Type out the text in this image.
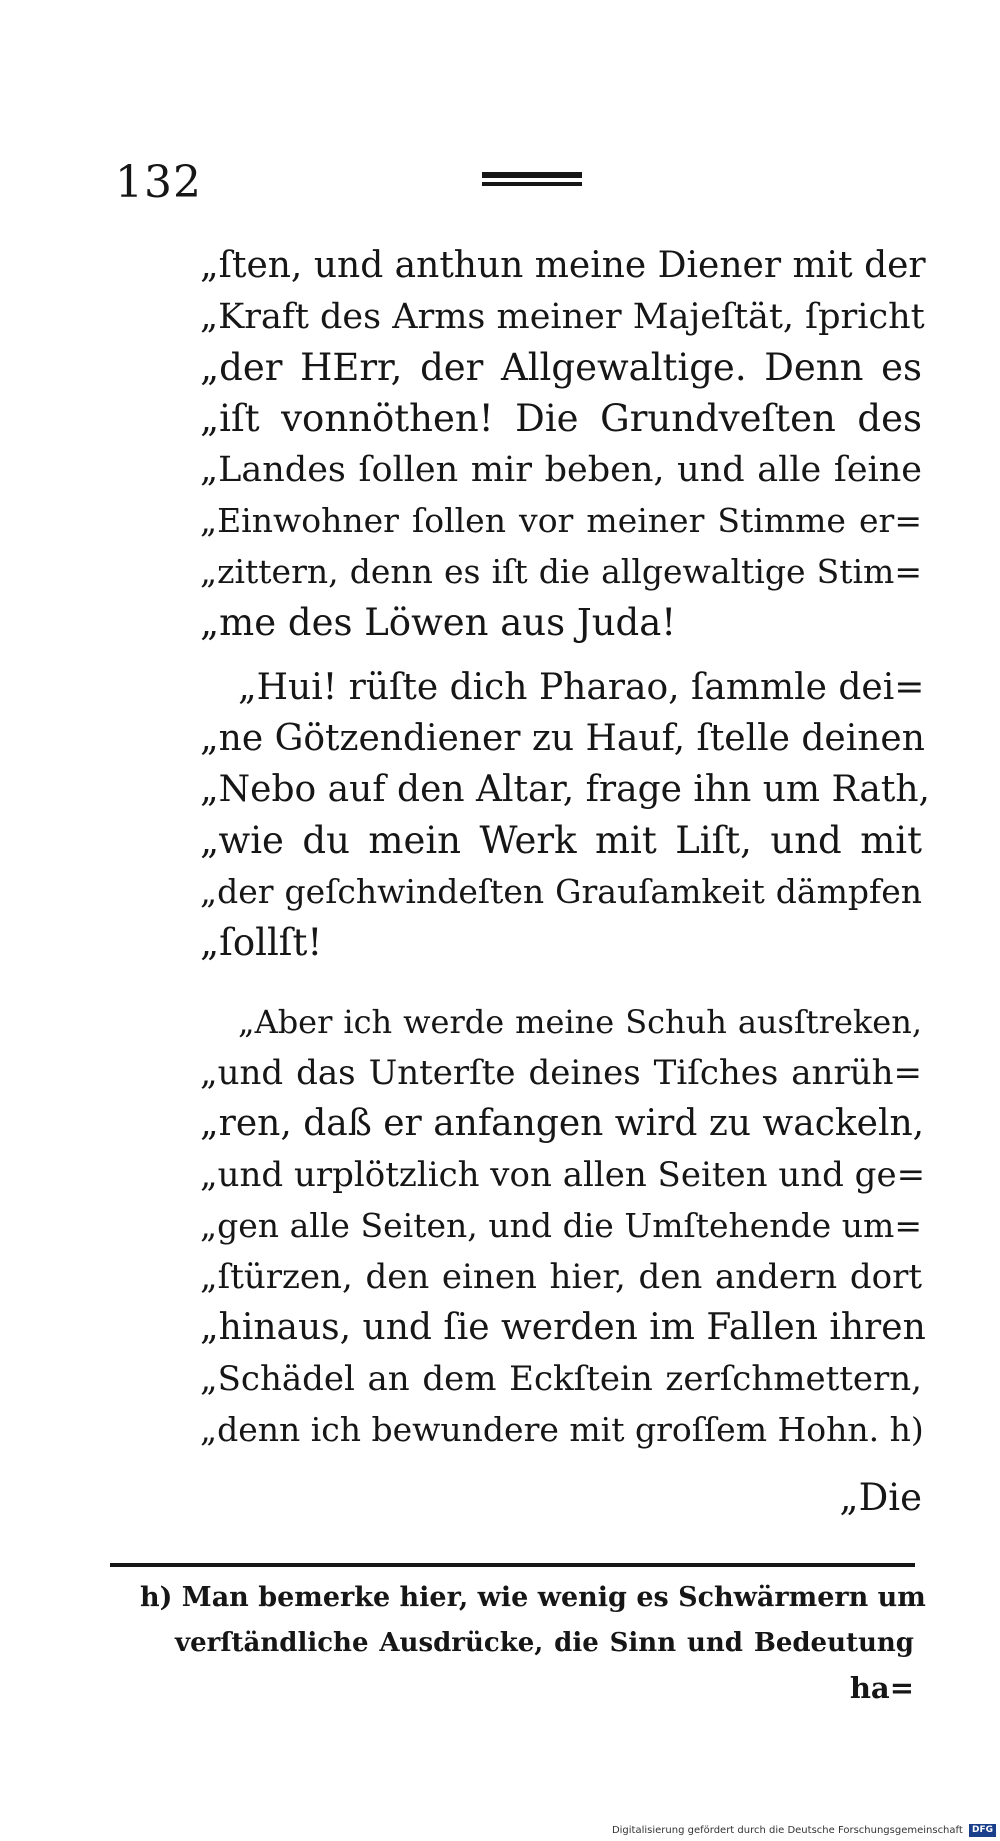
132
„ſten, und anthun meine Diener mit der
„Kraft des Arms meiner Majeſtät, ſpricht
„der HErr, der Allgewaltige. Denn es
„iſt vonnöthen! Die Grundveſten des
„Landes ſollen mir beben, und alle ſeine
„Einwohner ſollen vor meiner Stimme er=
„zittern, denn es iſt die allgewaltige Stim=
„me des Löwen aus Juda!
„Hui! rüſte dich Pharao, ſammle dei=
„ne Götzendiener zu Hauf, ſtelle deinen
„Nebo auf den Altar, frage ihn um Rath,
„wie du mein Werk mit Liſt, und mit
„der geſchwindeſten Grauſamkeit dämpfen
„ſollſt!
„Aber ich werde meine Schuh ausſtreken,
„und das Unterſte deines Tiſches anrüh=
„ren, daß er anfangen wird zu wackeln,
„und urplötzlich von allen Seiten und ge=
„gen alle Seiten, und die Umſtehende um=
„ſtürzen, den einen hier, den andern dort
„hinaus, und ſie werden im Fallen ihren
„Schädel an dem Eckſtein zerſchmettern,
„denn ich bewundere mit groſſem Hohn. h)
„Die
h) Man bemerke hier, wie wenig es Schwärmern um
verſtändliche Ausdrücke, die Sinn und Bedeutung
ha=
Digitalisierung gefördert durch die Deutsche Forschungsgemeinschaft DFG
